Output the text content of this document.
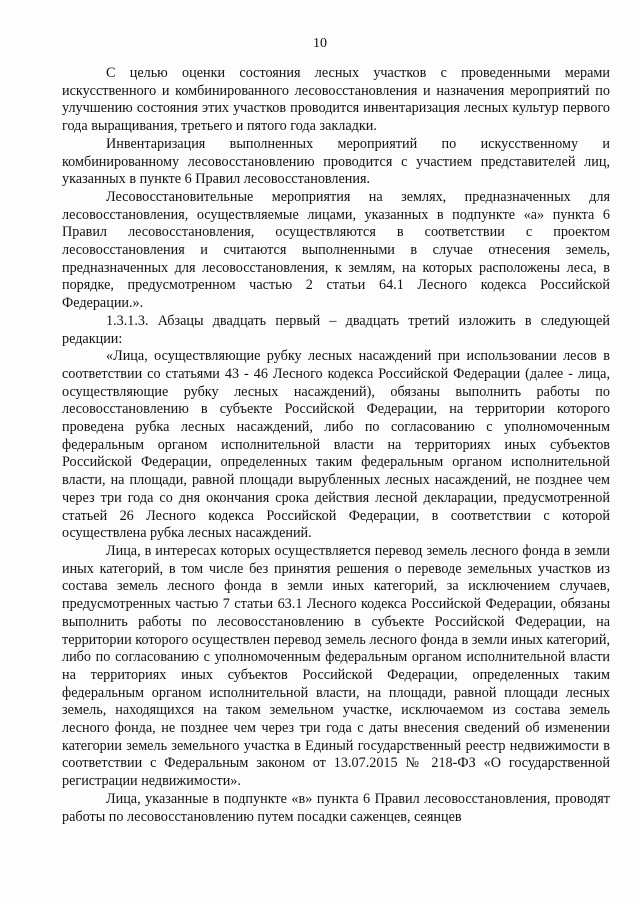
10

С целью оценки состояния лесных участков с проведенными мерами искусственного и комбинированного лесовосстановления и назначения мероприятий по улучшению состояния этих участков проводится инвентаризация лесных культур первого года выращивания, третьего и пятого года закладки.

Инвентаризация выполненных мероприятий по искусственному и комбинированному лесовосстановлению проводится с участием представителей лиц, указанных в пункте 6 Правил лесовосстановления.

Лесовосстановительные мероприятия на землях, предназначенных для лесовосстановления, осуществляемые лицами, указанных в подпункте «а» пункта 6 Правил лесовосстановления, осуществляются в соответствии с проектом лесовосстановления и считаются выполненными в случае отнесения земель, предназначенных для лесовосстановления, к землям, на которых расположены леса, в порядке, предусмотренном частью 2 статьи 64.1 Лесного кодекса Российской Федерации.».

1.3.1.3. Абзацы двадцать первый – двадцать третий изложить в следующей редакции:

«Лица, осуществляющие рубку лесных насаждений при использовании лесов в соответствии со статьями 43 - 46 Лесного кодекса Российской Федерации (далее - лица, осуществляющие рубку лесных насаждений), обязаны выполнить работы по лесовосстановлению в субъекте Российской Федерации, на территории которого проведена рубка лесных насаждений, либо по согласованию с уполномоченным федеральным органом исполнительной власти на территориях иных субъектов Российской Федерации, определенных таким федеральным органом исполнительной власти, на площади, равной площади вырубленных лесных насаждений, не позднее чем через три года со дня окончания срока действия лесной декларации, предусмотренной статьей 26 Лесного кодекса Российской Федерации, в соответствии с которой осуществлена рубка лесных насаждений.

Лица, в интересах которых осуществляется перевод земель лесного фонда в земли иных категорий, в том числе без принятия решения о переводе земельных участков из состава земель лесного фонда в земли иных категорий, за исключением случаев, предусмотренных частью 7 статьи 63.1 Лесного кодекса Российской Федерации, обязаны выполнить работы по лесовосстановлению в субъекте Российской Федерации, на территории которого осуществлен перевод земель лесного фонда в земли иных категорий, либо по согласованию с уполномоченным федеральным органом исполнительной власти на территориях иных субъектов Российской Федерации, определенных таким федеральным органом исполнительной власти, на площади, равной площади лесных земель, находящихся на таком земельном участке, исключаемом из состава земель лесного фонда, не позднее чем через три года с даты внесения сведений об изменении категории земель земельного участка в Единый государственный реестр недвижимости в соответствии с Федеральным законом от 13.07.2015 № 218-ФЗ «О государственной регистрации недвижимости».

Лица, указанные в подпункте «в» пункта 6 Правил лесовосстановления, проводят работы по лесовосстановлению путем посадки саженцев, сеянцев
